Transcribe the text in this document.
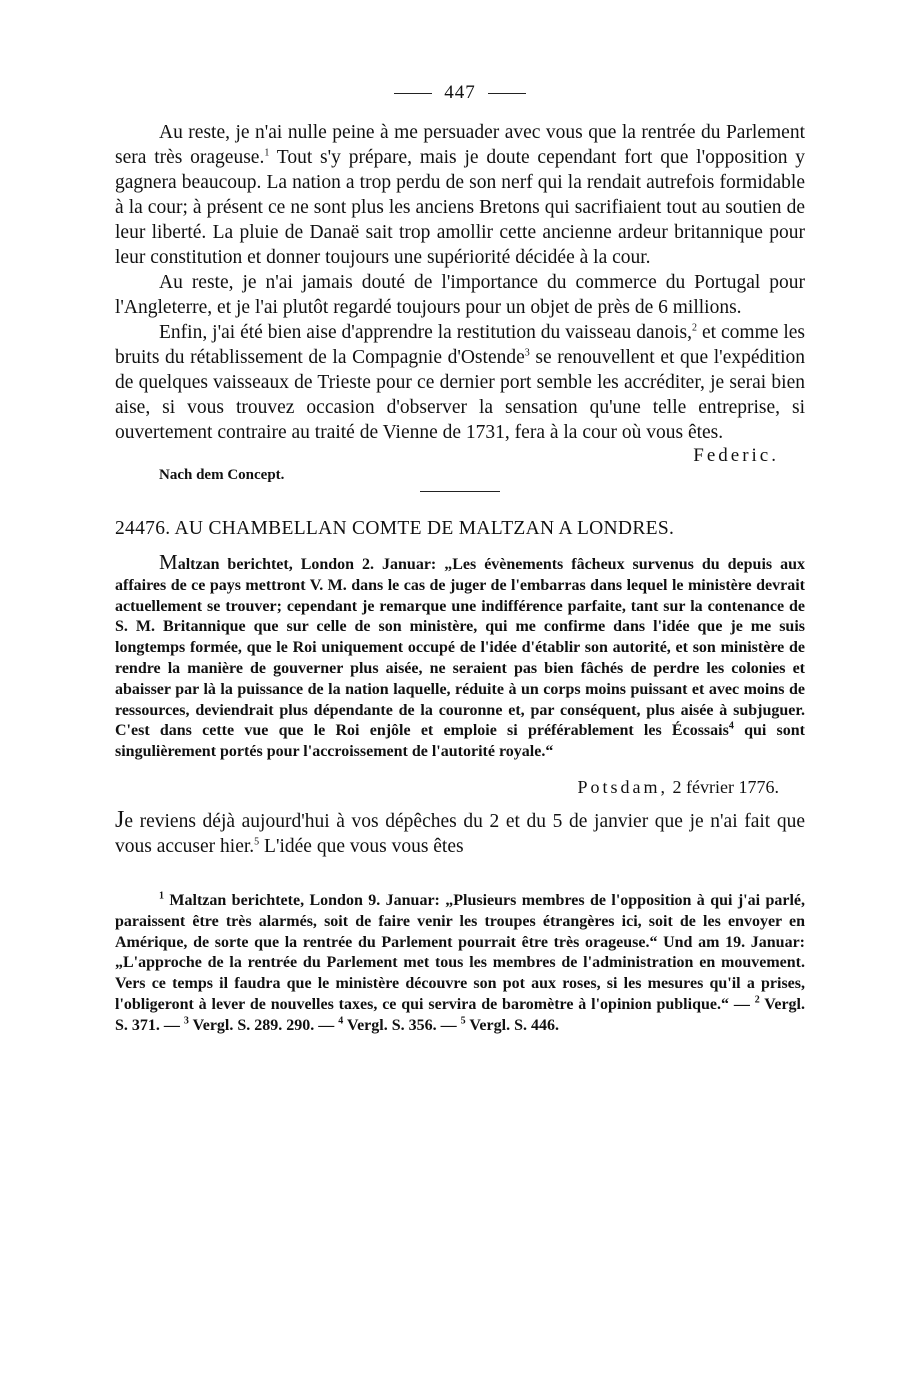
447

Au reste, je n'ai nulle peine à me persuader avec vous que la rentrée du Parlement sera très orageuse.$^1$ Tout s'y prépare, mais je doute cependant fort que l'opposition y gagnera beaucoup. La nation a trop perdu de son nerf qui la rendait autrefois formidable à la cour; à présent ce ne sont plus les anciens Bretons qui sacrifiaient tout au soutien de leur liberté. La pluie de Danaë sait trop amollir cette ancienne ardeur britannique pour leur constitution et donner toujours une supériorité décidée à la cour.

Au reste, je n'ai jamais douté de l'importance du commerce du Portugal pour l'Angleterre, et je l'ai plutôt regardé toujours pour un objet de près de 6 millions.

Enfin, j'ai été bien aise d'apprendre la restitution du vaisseau danois,$^2$ et comme les bruits du rétablissement de la Compagnie d'Ostende$^3$ se renouvellent et que l'expédition de quelques vaisseaux de Trieste pour ce dernier port semble les accréditer, je serai bien aise, si vous trouvez occasion d'observer la sensation qu'une telle entreprise, si ouvertement contraire au traité de Vienne de 1731, fera à la cour où vous êtes.

Nach dem Concept.
Federic.
24476. AU CHAMBELLAN COMTE DE MALTZAN A LONDRES.

Maltzan berichtet, London 2. Januar: „Les évènements fâcheux survenus du depuis aux affaires de ce pays mettront V. M. dans le cas de juger de l'embarras dans lequel le ministère devrait actuellement se trouver; cependant je remarque une indifférence parfaite, tant sur la contenance de S. M. Britannique que sur celle de son ministère, qui me confirme dans l'idée que je me suis longtemps formée, que le Roi uniquement occupé de l'idée d'établir son autorité, et son ministère de rendre la manière de gouverner plus aisée, ne seraient pas bien fâchés de perdre les colonies et abaisser par là la puissance de la nation laquelle, réduite à un corps moins puissant et avec moins de ressources, deviendrait plus dépendante de la couronne et, par conséquent, plus aisée à subjuguer. C'est dans cette vue que le Roi enjôle et emploie si préférablement les Écossais$^4$ qui sont singulièrement portés pour l'accroissement de l'autorité royale.“

Potsdam, 2 février 1776.

Je reviens déjà aujourd'hui à vos dépêches du 2 et du 5 de janvier que je n'ai fait que vous accuser hier.$^5$ L'idée que vous vous êtes

$^1$ Maltzan berichtete, London 9. Januar: „Plusieurs membres de l'opposition à qui j'ai parlé, paraissent être très alarmés, soit de faire venir les troupes étrangères ici, soit de les envoyer en Amérique, de sorte que la rentrée du Parlement pourrait être très orageuse.“ Und am 19. Januar: „L'approche de la rentrée du Parlement met tous les membres de l'administration en mouvement. Vers ce temps il faudra que le ministère découvre son pot aux roses, si les mesures qu'il a prises, l'obligeront à lever de nouvelles taxes, ce qui servira de baromètre à l'opinion publique.“ — $^2$ Vergl. S. 371. — $^3$ Vergl. S. 289. 290. — $^4$ Vergl. S. 356. — $^5$ Vergl. S. 446.
